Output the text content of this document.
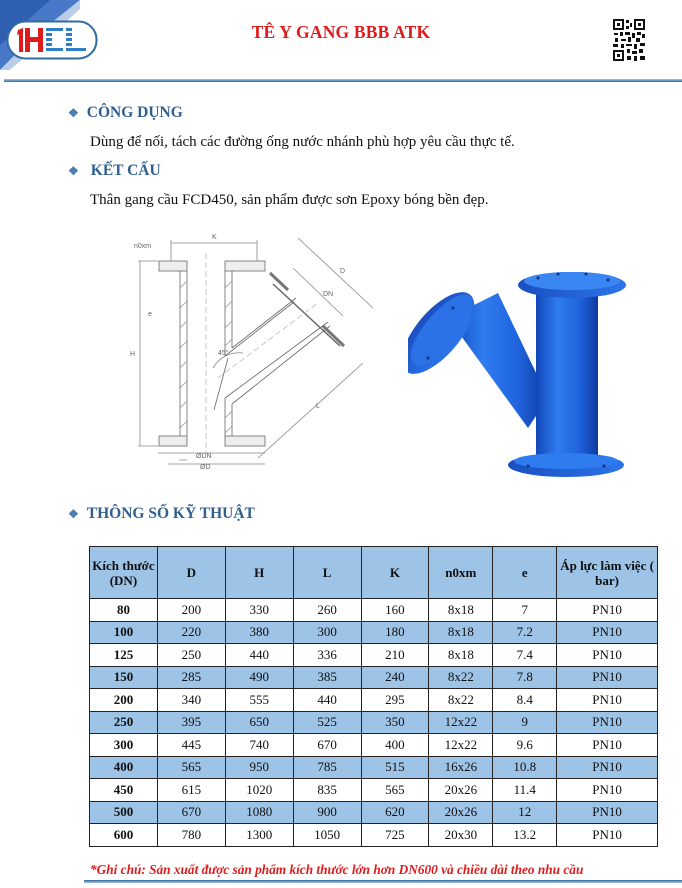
TÊ Y GANG BBB ATK
❖ CÔNG DỤNG
Dùng để nối, tách các đường ống nước nhánh phù hợp yêu cầu thực tế.
❖ KẾT CẤU
Thân gang cầu FCD450, sản phẩm được sơn Epoxy bóng bền đẹp.
K
n0xm
e
H
D
DN
45°
L
ØDN
ØD
❖ THÔNG SỐ KỸ THUẬT
Kích thước (DN)	D	H	L	K	n0xm	e	Áp lực làm việc ( bar)
80	200	330	260	160	8x18	7	PN10
100	220	380	300	180	8x18	7.2	PN10
125	250	440	336	210	8x18	7.4	PN10
150	285	490	385	240	8x22	7.8	PN10
200	340	555	440	295	8x22	8.4	PN10
250	395	650	525	350	12x22	9	PN10
300	445	740	670	400	12x22	9.6	PN10
400	565	950	785	515	16x26	10.8	PN10
450	615	1020	835	565	20x26	11.4	PN10
500	670	1080	900	620	20x26	12	PN10
600	780	1300	1050	725	20x30	13.2	PN10
*Ghi chú: Sản xuất được sản phẩm kích thước lớn hơn DN600 và chiều dài theo nhu cầu
